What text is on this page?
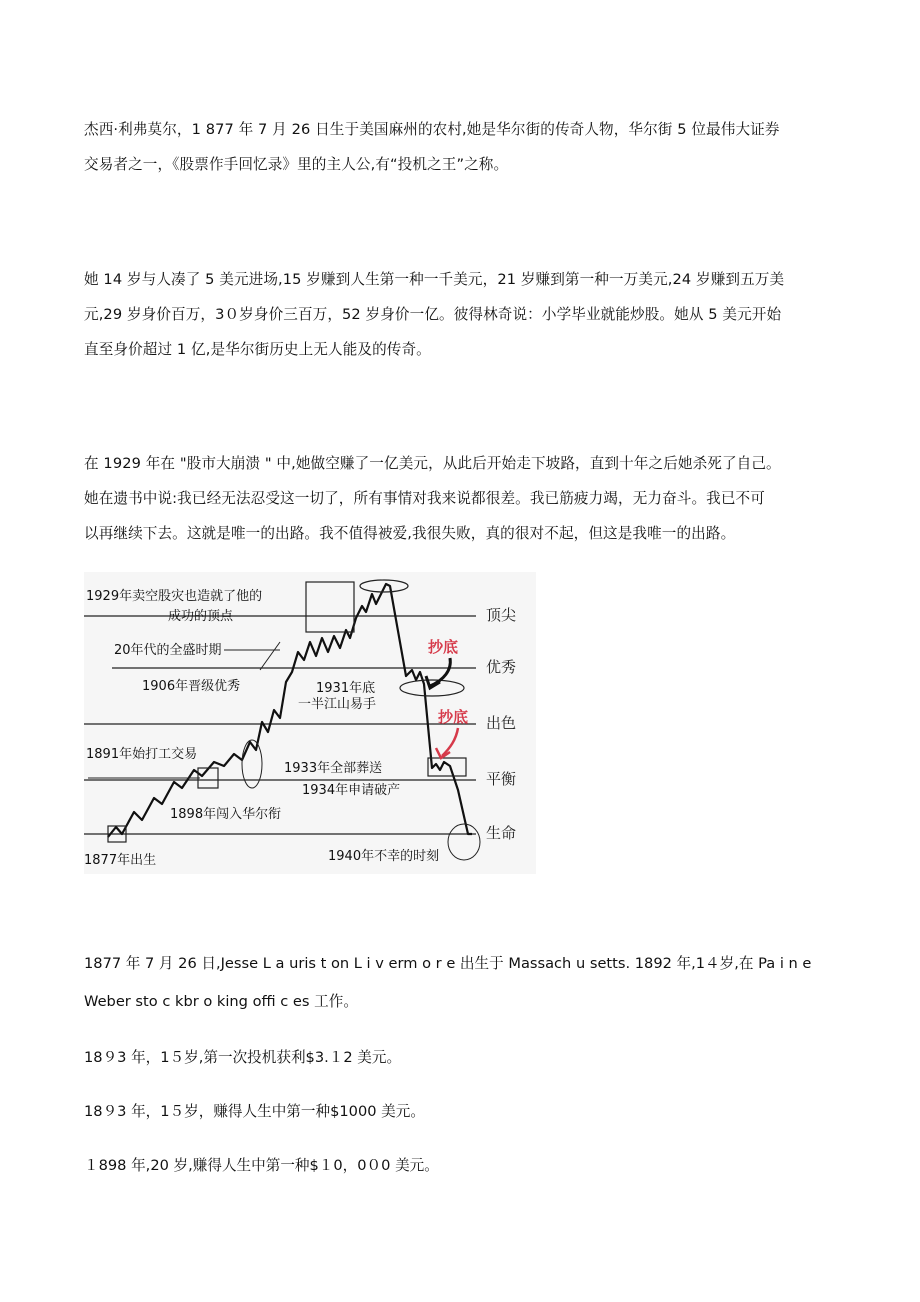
杰西·利弗莫尔，1 877 年 7 月 26 日生于美国麻州的农村,她是华尔街的传奇人物，华尔街 5 位最伟大证券
交易者之一，《股票作手回忆录》里的主人公,有“投机之王”之称。
她 14 岁与人凑了 5 美元进场,15 岁赚到人生第一种一千美元，21 岁赚到第一种一万美元,24 岁赚到五万美
元,29 岁身价百万，3０岁身价三百万，52 岁身价一亿。彼得林奇说：小学毕业就能炒股。她从 5 美元开始
直至身价超过 1 亿,是华尔街历史上无人能及的传奇。
在 1929 年在 "股市大崩溃 " 中,她做空赚了一亿美元，从此后开始走下坡路，直到十年之后她杀死了自己。
她在遗书中说:我已经无法忍受这一切了，所有事情对我来说都很差。我已筋疲力竭，无力奋斗。我已不可
以再继续下去。这就是唯一的出路。我不值得被爱,我很失败，真的很对不起，但这是我唯一的出路。
顶尖
优秀
出色
平衡
生命
1929年卖空股灾也造就了他的
成功的顶点
20年代的全盛时期
1906年晋级优秀	1931年底
一半江山易手
1891年始打工交易
1933年全部葬送
1934年申请破产
1898年闯入华尔衔
1877年出生	1940年不幸的时刻
抄底
抄底
1877 年 7 月 26 日,Jesse L a uris t on L i v erm o r e 出生于 Massach u setts. 1892 年,1４岁,在 Pa i n e
Weber sto c kbr o king offi c es 工作。
18９3 年，1５岁,第一次投机获利$3.１2 美元。
18９3 年，1５岁，赚得人生中第一种$1000 美元。
１898 年,20 岁,赚得人生中第一种$１0，0０0 美元。
